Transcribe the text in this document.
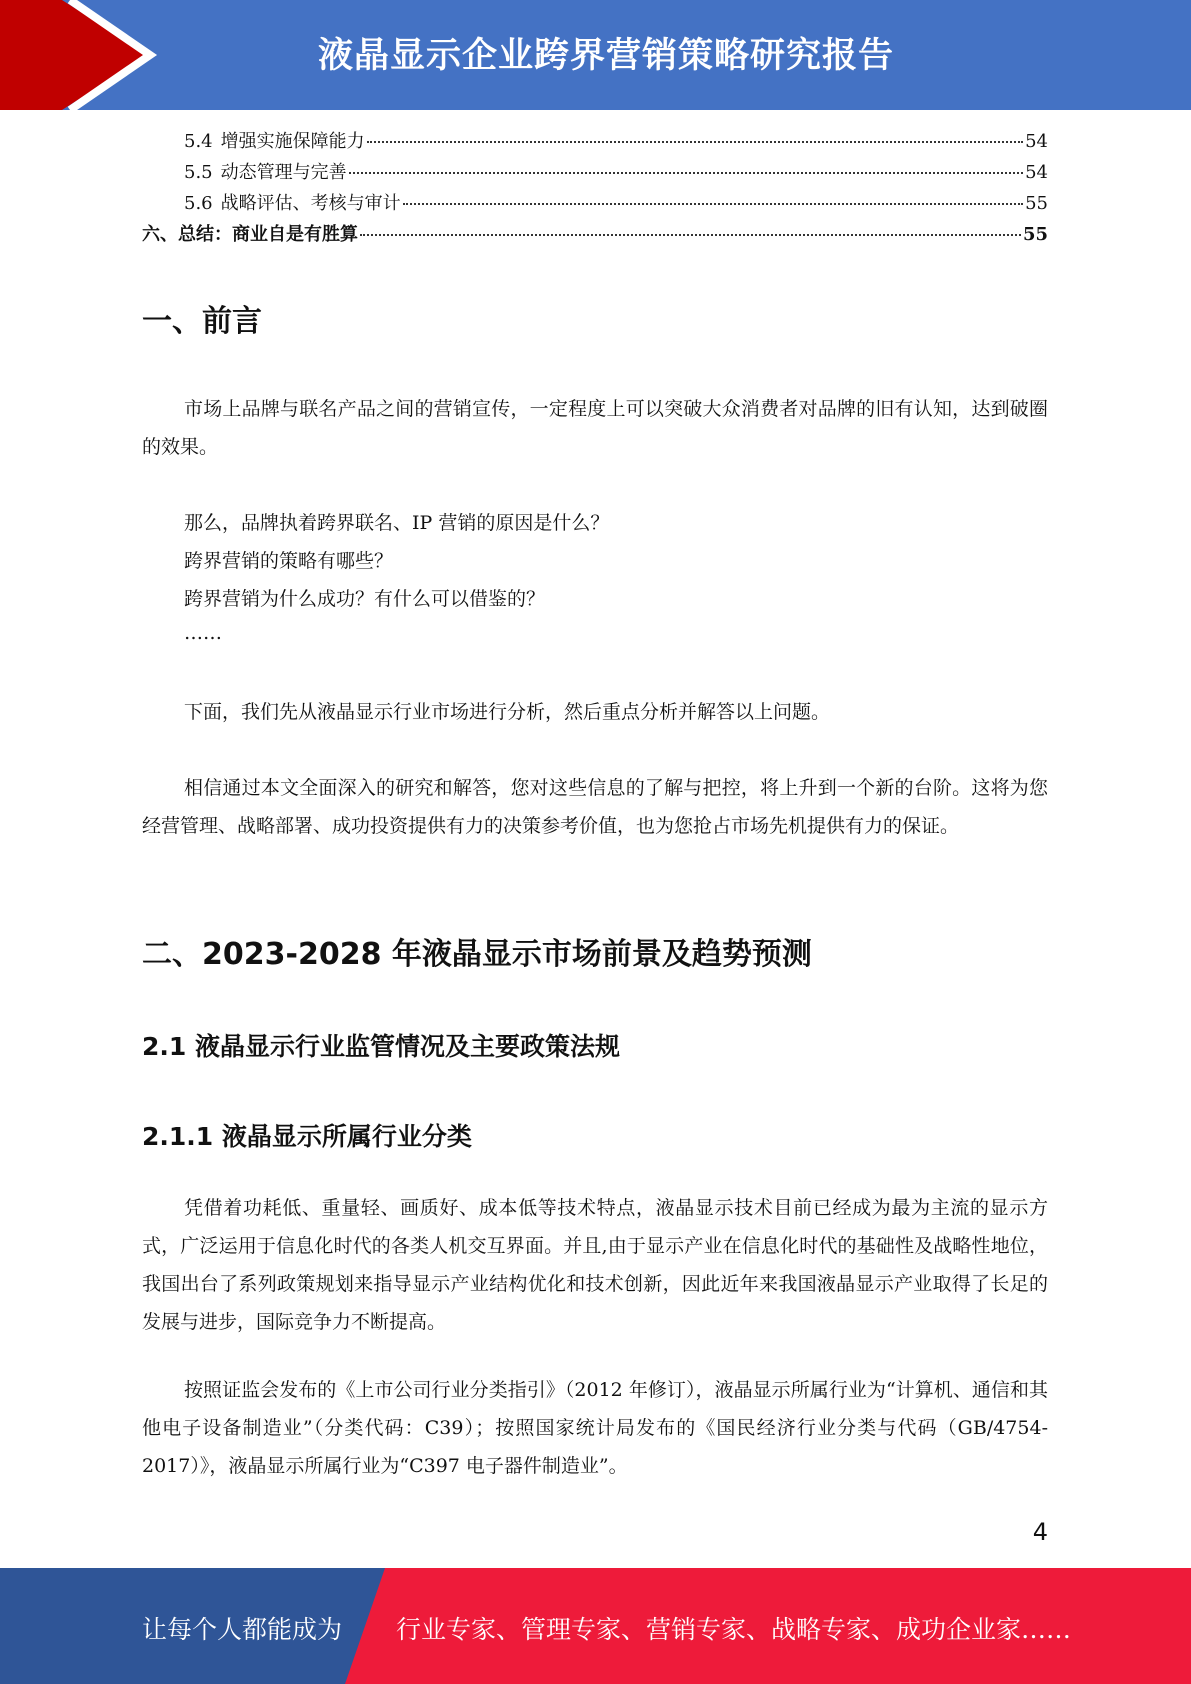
液晶显示企业跨界营销策略研究报告
5.4 增强实施保障能力	54
5.5 动态管理与完善	54
5.6 战略评估、考核与审计	55
六、总结：商业自是有胜算	55
一、前言
市场上品牌与联名产品之间的营销宣传，一定程度上可以突破大众消费者对品牌的旧有认知，达到破圈的效果。
那么，品牌执着跨界联名、IP 营销的原因是什么？
跨界营销的策略有哪些？
跨界营销为什么成功？有什么可以借鉴的？
……
下面，我们先从液晶显示行业市场进行分析，然后重点分析并解答以上问题。
相信通过本文全面深入的研究和解答，您对这些信息的了解与把控，将上升到一个新的台阶。这将为您经营管理、战略部署、成功投资提供有力的决策参考价值，也为您抢占市场先机提供有力的保证。
二、2023-2028 年液晶显示市场前景及趋势预测
2.1 液晶显示行业监管情况及主要政策法规
2.1.1 液晶显示所属行业分类
凭借着功耗低、重量轻、画质好、成本低等技术特点，液晶显示技术目前已经成为最为主流的显示方式，广泛运用于信息化时代的各类人机交互界面。并且,由于显示产业在信息化时代的基础性及战略性地位，我国出台了系列政策规划来指导显示产业结构优化和技术创新，因此近年来我国液晶显示产业取得了长足的发展与进步，国际竞争力不断提高。
按照证监会发布的《上市公司行业分类指引》（2012 年修订），液晶显示所属行业为“计算机、通信和其他电子设备制造业”（分类代码：C39）；按照国家统计局发布的《国民经济行业分类与代码（GB/4754-2017）》，液晶显示所属行业为“C397 电子器件制造业”。
4
让每个人都能成为 行业专家、管理专家、营销专家、战略专家、成功企业家……
